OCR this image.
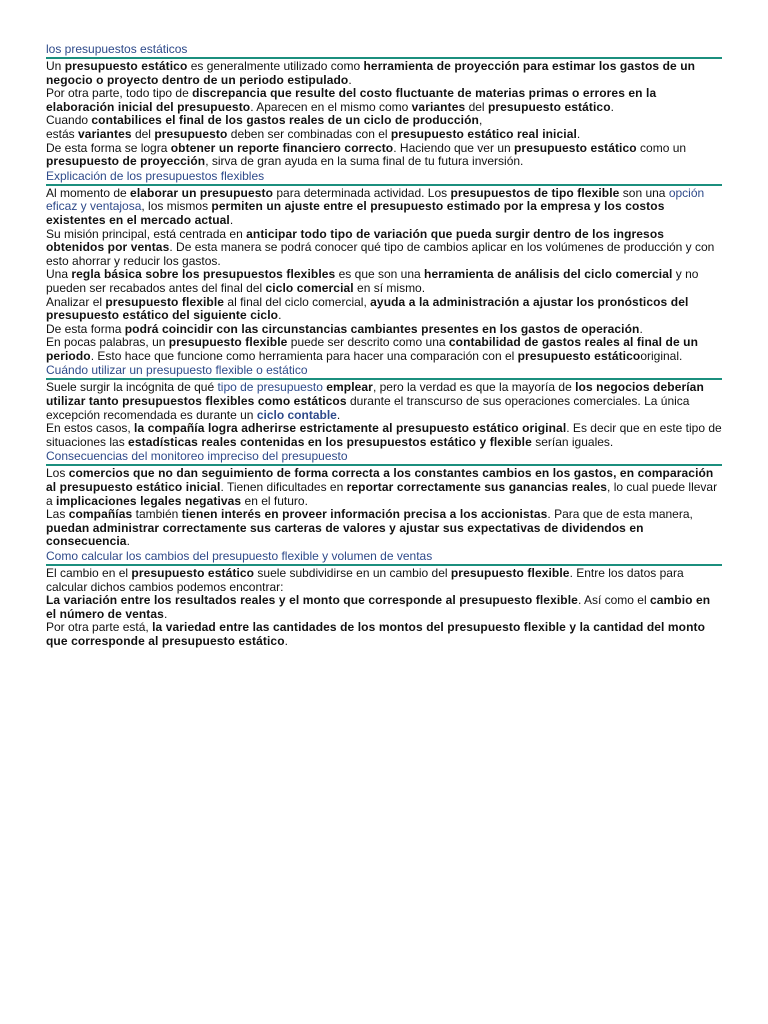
los presupuestos estáticos

Un presupuesto estático es generalmente utilizado como herramienta de proyección para estimar los gastos de un negocio o proyecto dentro de un periodo estipulado.

Por otra parte, todo tipo de discrepancia que resulte del costo fluctuante de materias primas o errores en la elaboración inicial del presupuesto. Aparecen en el mismo como variantes del presupuesto estático.

Cuando contabilices el final de los gastos reales de un ciclo de producción,

estás variantes del presupuesto deben ser combinadas con el presupuesto estático real inicial.

De esta forma se logra obtener un reporte financiero correcto. Haciendo que ver un presupuesto estático como un presupuesto de proyección, sirva de gran ayuda en la suma final de tu futura inversión.

Explicación de los presupuestos flexibles

Al momento de elaborar un presupuesto para determinada actividad. Los presupuestos de tipo flexible son una opción eficaz y ventajosa, los mismos permiten un ajuste entre el presupuesto estimado por la empresa y los costos existentes en el mercado actual.

Su misión principal, está centrada en anticipar todo tipo de variación que pueda surgir dentro de los ingresos obtenidos por ventas. De esta manera se podrá conocer qué tipo de cambios aplicar en los volúmenes de producción y con esto ahorrar y reducir los gastos.

Una regla básica sobre los presupuestos flexibles es que son una herramienta de análisis del ciclo comercial y no pueden ser recabados antes del final del ciclo comercial en sí mismo.

Analizar el presupuesto flexible al final del ciclo comercial, ayuda a la administración a ajustar los pronósticos del presupuesto estático del siguiente ciclo.

De esta forma podrá coincidir con las circunstancias cambiantes presentes en los gastos de operación.

En pocas palabras, un presupuesto flexible puede ser descrito como una contabilidad de gastos reales al final de un periodo. Esto hace que funcione como herramienta para hacer una comparación con el presupuesto estáticooriginal.

Cuándo utilizar un presupuesto flexible o estático

Suele surgir la incógnita de qué tipo de presupuesto emplear, pero la verdad es que la mayoría de los negocios deberían utilizar tanto presupuestos flexibles como estáticos durante el transcurso de sus operaciones comerciales. La única excepción recomendada es durante un ciclo contable.

En estos casos, la compañía logra adherirse estrictamente al presupuesto estático original. Es decir que en este tipo de situaciones las estadísticas reales contenidas en los presupuestos estático y flexible serían iguales.

Consecuencias del monitoreo impreciso del presupuesto

Los comercios que no dan seguimiento de forma correcta a los constantes cambios en los gastos, en comparación al presupuesto estático inicial. Tienen dificultades en reportar correctamente sus ganancias reales, lo cual puede llevar a implicaciones legales negativas en el futuro.

Las compañías también tienen interés en proveer información precisa a los accionistas. Para que de esta manera, puedan administrar correctamente sus carteras de valores y ajustar sus expectativas de dividendos en consecuencia.

Como calcular los cambios del presupuesto flexible y volumen de ventas

El cambio en el presupuesto estático suele subdividirse en un cambio del presupuesto flexible. Entre los datos para calcular dichos cambios podemos encontrar:

La variación entre los resultados reales y el monto que corresponde al presupuesto flexible. Así como el cambio en el número de ventas.

Por otra parte está, la variedad entre las cantidades de los montos del presupuesto flexible y la cantidad del monto que corresponde al presupuesto estático.
